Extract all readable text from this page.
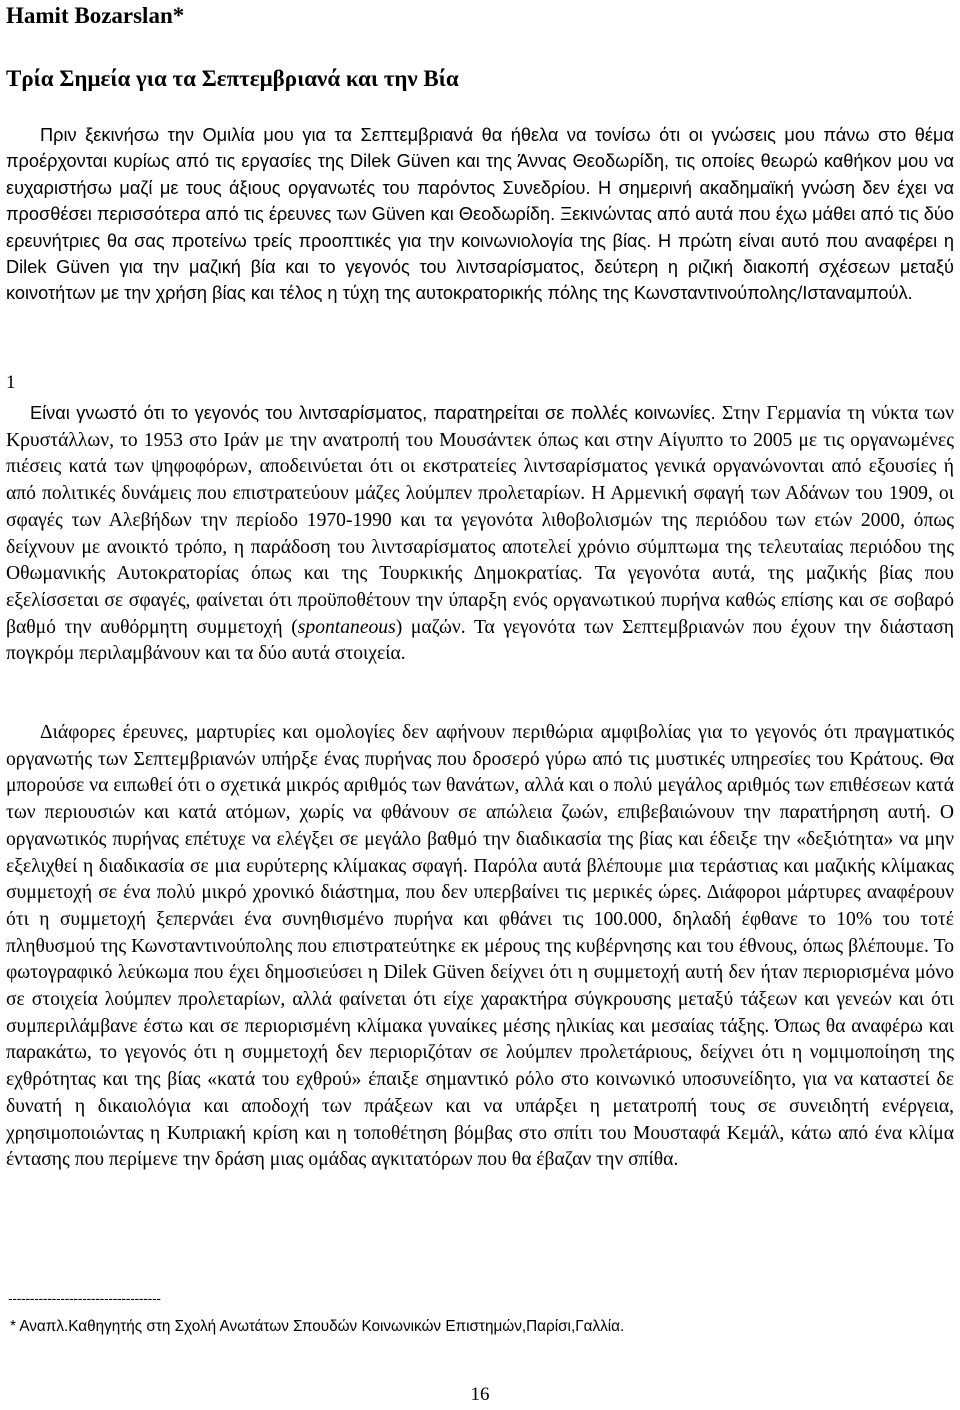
Hamit Bozarslan*
Τρία Σημεία για τα Σεπτεμβριανά και την Βία

Πριν ξεκινήσω την Ομιλία μου για τα Σεπτεμβριανά θα ήθελα να τονίσω ότι οι γνώσεις μου πάνω στο θέμα προέρχονται κυρίως από τις εργασίες της Dilek Güven και της Άννας Θεοδωρίδη, τις οποίες θεωρώ καθήκον μου να ευχαριστήσω μαζί με τους άξιους οργανωτές του παρόντος Συνεδρίου. Η σημερινή ακαδημαϊκή γνώση δεν έχει να προσθέσει περισσότερα από τις έρευνες των Güven και Θεοδωρίδη. Ξεκινώντας από αυτά που έχω μάθει από τις δύο ερευνήτριες θα σας προτείνω τρείς προοπτικές για την κοινωνιολογία της βίας. Η πρώτη είναι αυτό που αναφέρει η Dilek Güven για την μαζική βία και το γεγονός του λιντσαρίσματος, δεύτερη η ριζική διακοπή σχέσεων μεταξύ κοινοτήτων με την χρήση βίας και τέλος η τύχη της αυτοκρατορικής πόλης της Κωνσταντινούπολης/Ισταναμπούλ.

1

Είναι γνωστό ότι το γεγονός του λιντσαρίσματος, παρατηρείται σε πολλές κοινωνίες. Στην Γερμανία τη νύκτα των Κρυστάλλων, το 1953 στο Ιράν με την ανατροπή του Μουσάντεκ όπως και στην Αίγυπτο το 2005 με τις οργανωμένες πιέσεις κατά των ψηφοφόρων, αποδεινύεται ότι οι εκστρατείες λιντσαρίσματος γενικά οργανώνονται από εξουσίες ή από πολιτικές δυνάμεις που επιστρατεύουν μάζες λούμπεν προλεταρίων. Η Αρμενική σφαγή των Αδάνων του 1909, οι σφαγές των Αλεβήδων την περίοδο 1970-1990 και τα γεγονότα λιθοβολισμών της περιόδου των ετών 2000, όπως δείχνουν με ανοικτό τρόπο, η παράδοση του λιντσαρίσματος αποτελεί χρόνιο σύμπτωμα της τελευταίας περιόδου της Οθωμανικής Αυτοκρατορίας όπως και της Τουρκικής Δημοκρατίας. Τα γεγονότα αυτά, της μαζικής βίας που εξελίσσεται σε σφαγές, φαίνεται ότι προϋποθέτουν την ύπαρξη ενός οργανωτικού πυρήνα καθώς επίσης και σε σοβαρό βαθμό την αυθόρμητη συμμετοχή (spontaneous) μαζών. Τα γεγονότα των Σεπτεμβριανών που έχουν την διάσταση πογκρόμ περιλαμβάνουν και τα δύο αυτά στοιχεία.

Διάφορες έρευνες, μαρτυρίες και ομολογίες δεν αφήνουν περιθώρια αμφιβολίας για το γεγονός ότι πραγματικός οργανωτής των Σεπτεμβριανών υπήρξε ένας πυρήνας που δροσερό γύρω από τις μυστικές υπηρεσίες του Κράτους. Θα μπορούσε να ειπωθεί ότι ο σχετικά μικρός αριθμός των θανάτων, αλλά και ο πολύ μεγάλος αριθμός των επιθέσεων κατά των περιουσιών και κατά ατόμων, χωρίς να φθάνουν σε απώλεια ζωών, επιβεβαιώνουν την παρατήρηση αυτή. Ο οργανωτικός πυρήνας επέτυχε να ελέγξει σε μεγάλο βαθμό την διαδικασία της βίας και έδειξε την «δεξιότητα» να μην εξελιχθεί η διαδικασία σε μια ευρύτερης κλίμακας σφαγή. Παρόλα αυτά βλέπουμε μια τεράστιας και μαζικής κλίμακας συμμετοχή σε ένα πολύ μικρό χρονικό διάστημα, που δεν υπερβαίνει τις μερικές ώρες. Διάφοροι μάρτυρες αναφέρουν ότι η συμμετοχή ξεπερνάει ένα συνηθισμένο πυρήνα και φθάνει τις 100.000, δηλαδή έφθανε το 10% του τοτέ πληθυσμού της Κωνσταντινούπολης που επιστρατεύτηκε εκ μέρους της κυβέρνησης και του έθνους, όπως βλέπουμε. Το φωτογραφικό λεύκωμα που έχει δημοσιεύσει η Dilek Güven δείχνει ότι η συμμετοχή αυτή δεν ήταν περιορισμένα μόνο σε στοιχεία λούμπεν προλεταρίων, αλλά φαίνεται ότι είχε χαρακτήρα σύγκρουσης μεταξύ τάξεων και γενεών και ότι συμπεριλάμβανε έστω και σε περιορισμένη κλίμακα γυναίκες μέσης ηλικίας και μεσαίας τάξης. Όπως θα αναφέρω και παρακάτω, το γεγονός ότι η συμμετοχή δεν περιοριζόταν σε λούμπεν προλετάριους, δείχνει ότι η νομιμοποίηση της εχθρότητας και της βίας «κατά του εχθρού» έπαιξε σημαντικό ρόλο στο κοινωνικό υποσυνείδητο, για να καταστεί δε δυνατή η δικαιολόγια και αποδοχή των πράξεων και να υπάρξει η μετατροπή τους σε συνειδητή ενέργεια, χρησιμοποιώντας η Κυπριακή κρίση και η τοποθέτηση βόμβας στο σπίτι του Μουσταφά Κεμάλ, κάτω από ένα κλίμα έντασης που περίμενε την δράση μιας ομάδας αγκιτατόρων που θα έβαζαν την σπίθα.

-----------------------------------
* Αναπλ.Καθηγητής στη Σχολή Ανωτάτων Σπουδών Κοινωνικών Επιστημών,Παρίσι,Γαλλία.
16
